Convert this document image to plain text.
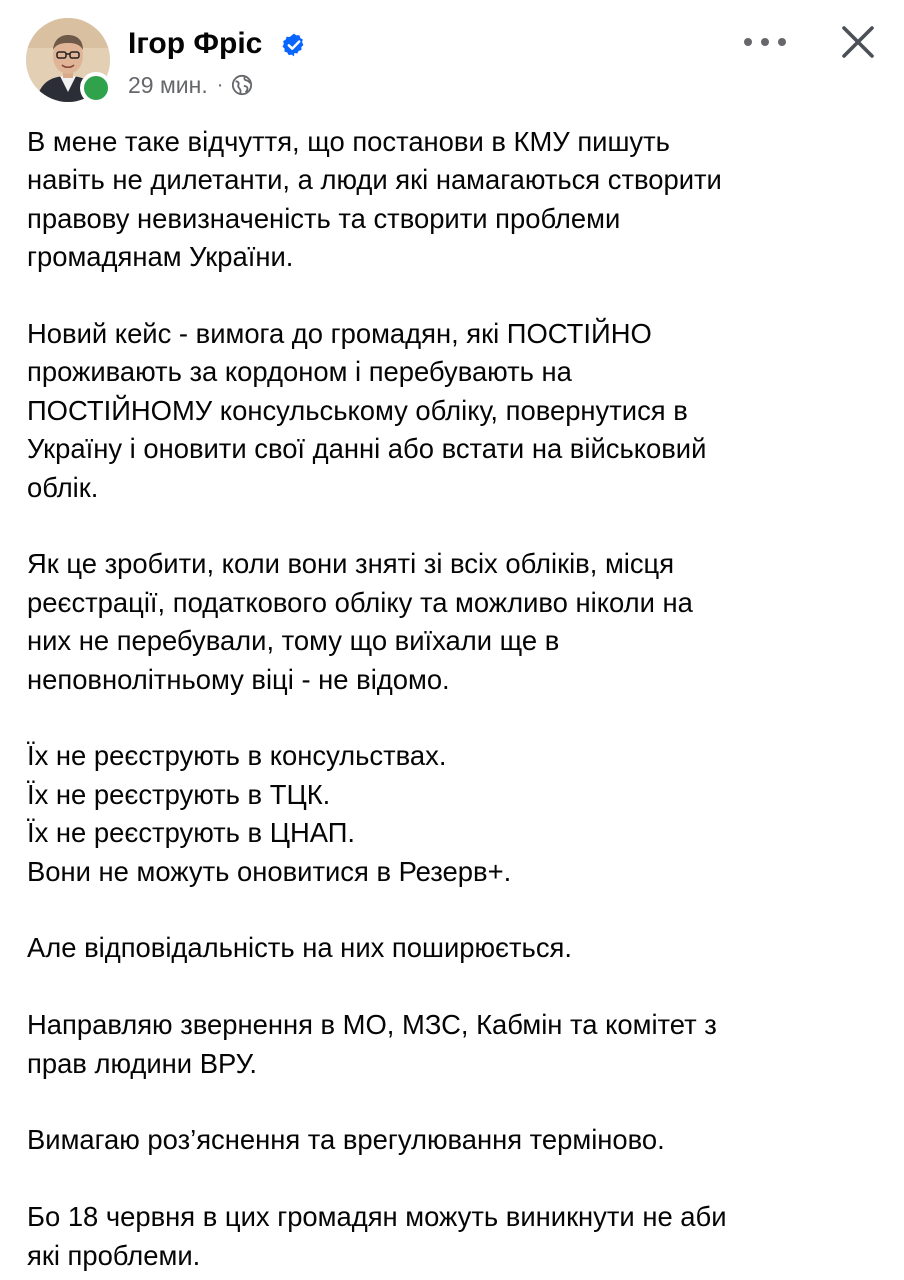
Ігор Фріс
29 мин. ·

В мене таке відчуття, що постанови в КМУ пишуть
навіть не дилетанти, а люди які намагаються створити
правову невизначеність та створити проблеми
громадянам України.

Новий кейс - вимога до громадян, які ПОСТІЙНО
проживають за кордоном і перебувають на
ПОСТІЙНОМУ консульському обліку, повернутися в
Україну і оновити свої данні або встати на військовий
облік.

Як це зробити, коли вони зняті зі всіх обліків, місця
реєстрації, податкового обліку та можливо ніколи на
них не перебували, тому що виїхали ще в
неповнолітньому віці - не відомо.

Їх не реєструють в консульствах.
Їх не реєструють в ТЦК.
Їх не реєструють в ЦНАП.
Вони не можуть оновитися в Резерв+.

Але відповідальність на них поширюється.

Направляю звернення в МО, МЗС, Кабмін та комітет з
прав людини ВРУ.

Вимагаю роз’яснення та врегулювання терміново.

Бо 18 червня в цих громадян можуть виникнути не аби
які проблеми.
